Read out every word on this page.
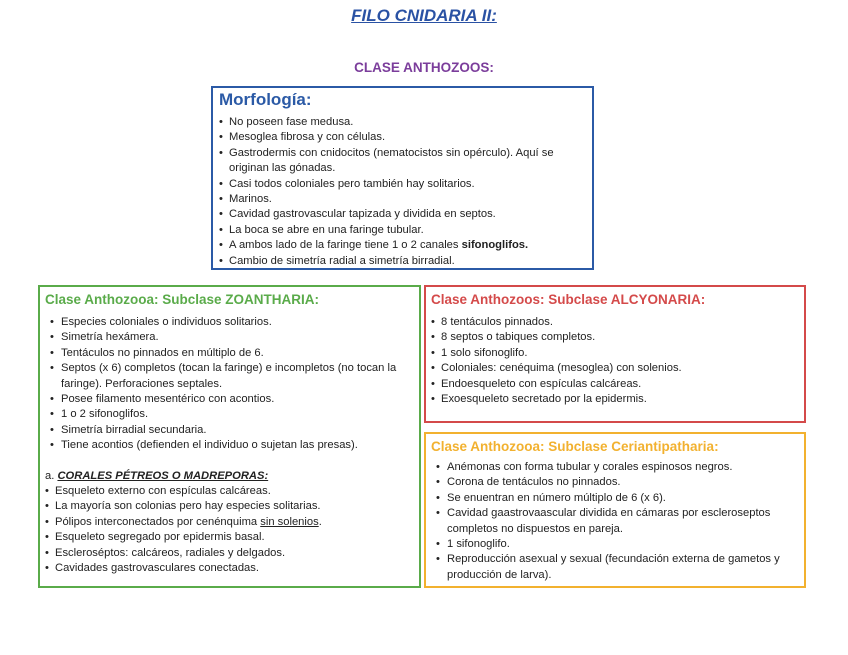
FILO CNIDARIA II:
CLASE ANTHOZOOS:
Morfología:
• No poseen fase medusa.
• Mesoglea fibrosa y con células.
• Gastrodermis con cnidocitos (nematocistos sin opérculo). Aquí se originan las gónadas.
• Casi todos coloniales pero también hay solitarios.
• Marinos.
• Cavidad gastrovascular tapizada y dividida en septos.
• La boca se abre en una faringe tubular.
• A ambos lado de la faringe tiene 1 o 2 canales sifonoglifos.
• Cambio de simetría radial a simetría birradial.
Clase Anthozooa: Subclase ZOANTHARIA:
• Especies coloniales o individuos solitarios.
• Simetría hexámera.
• Tentáculos no pinnados en múltiplo de 6.
• Septos (x 6) completos (tocan la faringe) e incompletos (no tocan la faringe). Perforaciones septales.
• Posee filamento mesentérico con acontios.
• 1 o 2 sifonoglifos.
• Simetría birradial secundaria.
• Tiene acontios (defienden el individuo o sujetan las presas).
a. CORALES PÉTREOS O MADREPORAS:
• Esqueleto externo con espículas calcáreas.
• La mayoría son colonias pero hay especies solitarias.
• Pólipos interconectados por cenénquima sin solenios.
• Esqueleto segregado por epidermis basal.
• Escleroséptos: calcáreos, radiales y delgados.
• Cavidades gastrovasculares conectadas.
Clase Anthozoos: Subclase ALCYONARIA:
• 8 tentáculos pinnados.
• 8 septos o tabiques completos.
• 1 solo sifonoglifo.
• Coloniales: cenéquima (mesoglea) con solenios.
• Endoesqueleto con espículas calcáreas.
• Exoesqueleto secretado por la epidermis.
Clase Anthozooa: Subclase Ceriantipatharia:
• Anémonas con forma tubular y corales espinosos negros.
• Corona de tentáculos no pinnados.
• Se enuentran en número múltiplo de 6 (x 6).
• Cavidad gaastrovaascular dividida en cámaras por escleroseptos completos no dispuestos en pareja.
• 1 sifonoglifo.
• Reproducción asexual y sexual (fecundación externa de gametos y producción de larva).
